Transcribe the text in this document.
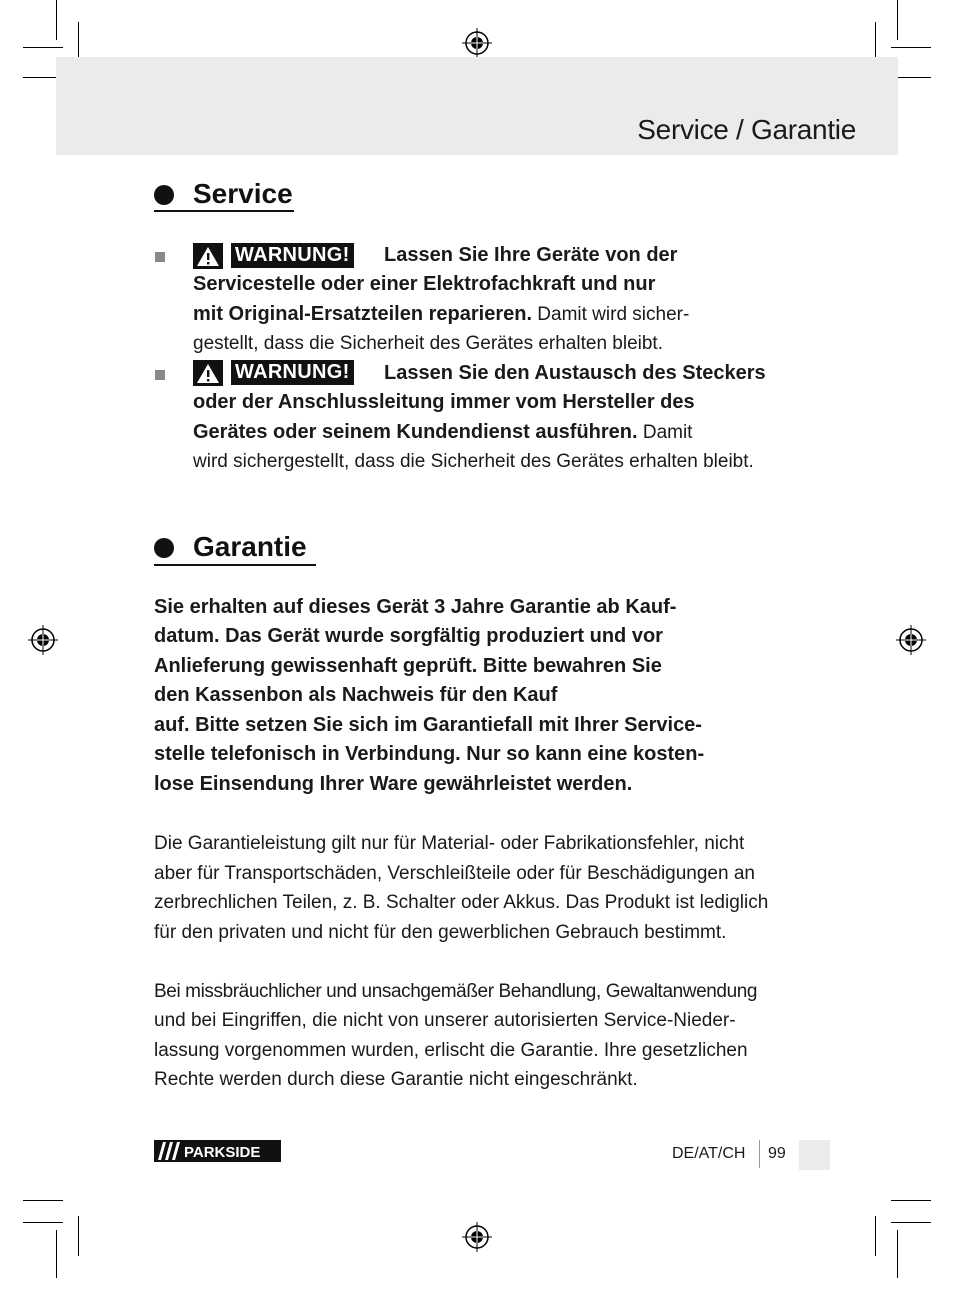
Service / Garantie
Service
WARNUNG! Lassen Sie Ihre Geräte von der
Servicestelle oder einer Elektrofachkraft und nur
mit Original-Ersatzteilen reparieren. Damit wird sicher-
gestellt, dass die Sicherheit des Gerätes erhalten bleibt.
WARNUNG! Lassen Sie den Austausch des Steckers
oder der Anschlussleitung immer vom Hersteller des
Gerätes oder seinem Kundendienst ausführen. Damit
wird sichergestellt, dass die Sicherheit des Gerätes erhalten bleibt.
Garantie
Sie erhalten auf dieses Gerät 3 Jahre Garantie ab Kauf-
datum. Das Gerät wurde sorgfältig produziert und vor
Anlieferung gewissenhaft geprüft. Bitte bewahren Sie
den Kassenbon als Nachweis für den Kauf
auf. Bitte setzen Sie sich im Garantiefall mit Ihrer Service-
stelle telefonisch in Verbindung. Nur so kann eine kosten-
lose Einsendung Ihrer Ware gewährleistet werden.
Die Garantieleistung gilt nur für Material- oder Fabrikationsfehler, nicht
aber für Transportschäden, Verschleißteile oder für Beschädigungen an
zerbrechlichen Teilen, z. B. Schalter oder Akkus. Das Produkt ist lediglich
für den privaten und nicht für den gewerblichen Gebrauch bestimmt.
Bei missbräuchlicher und unsachgemäßer Behandlung, Gewaltanwendung
und bei Eingriffen, die nicht von unserer autorisierten Service-Nieder-
lassung vorgenommen wurden, erlischt die Garantie. Ihre gesetzlichen
Rechte werden durch diese Garantie nicht eingeschränkt.
PARKSIDE	DE/AT/CH 99
